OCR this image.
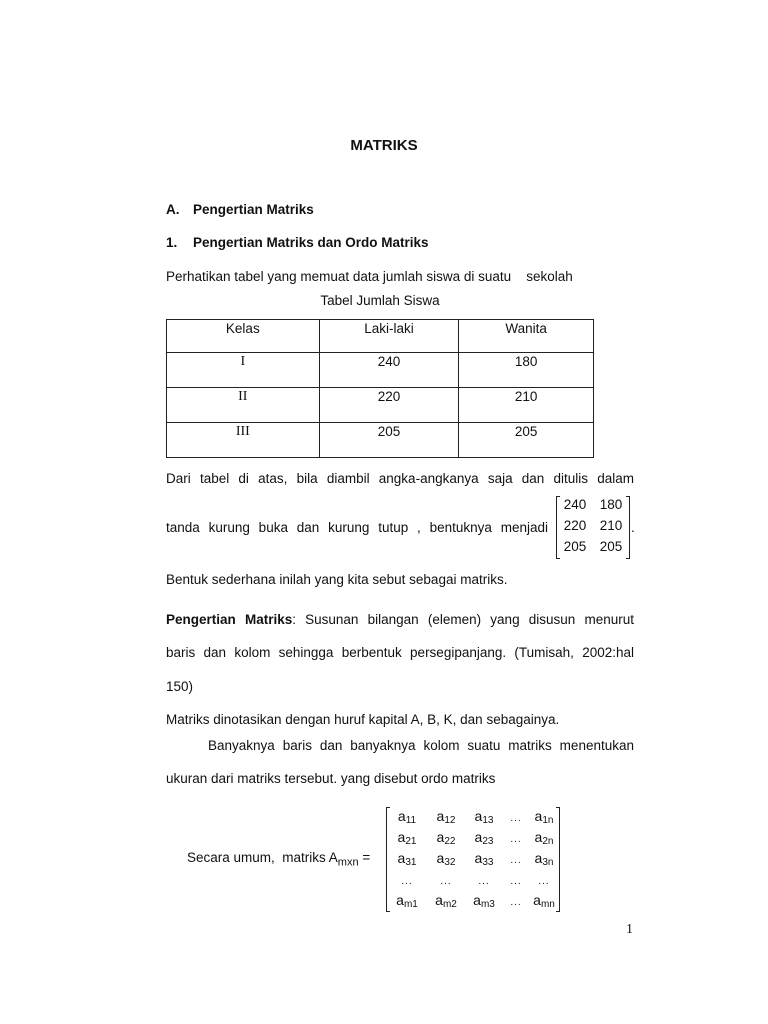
MATRIKS
A. Pengertian Matriks
1. Pengertian Matriks dan Ordo Matriks
Perhatikan tabel yang memuat data jumlah siswa di suatu    sekolah
Tabel Jumlah Siswa
Kelas	Laki-laki	Wanita
I	240	180
II	220	210
III	205	205
Dari tabel di atas, bila diambil angka-angkanya saja dan ditulis dalam
tanda kurung buka dan kurung tutup , bentuknya menjadi
240 180
220 210
205 205
.
Bentuk sederhana inilah yang kita sebut sebagai matriks.
Pengertian Matriks: Susunan bilangan (elemen) yang disusun menurut
baris dan kolom sehingga berbentuk persegipanjang. (Tumisah, 2002:hal
150)
Matriks dinotasikan dengan huruf kapital A, B, K, dan sebagainya.
Banyaknya baris dan banyaknya kolom suatu matriks menentukan
ukuran dari matriks tersebut. yang disebut ordo matriks
Secara umum,  matriks $A_{mxn}$ =
$a_{11}$	$a_{12}$	$a_{13}$	... $a_{1n}$
$a_{21}$	$a_{22}$	$a_{23}$	... $a_{2n}$
$a_{31}$	$a_{32}$	$a_{33}$	... $a_{3n}$
...	...	...	...	...
$a_{m1}$	$a_{m2}$	$a_{m3}$	... $a_{mn}$
1
